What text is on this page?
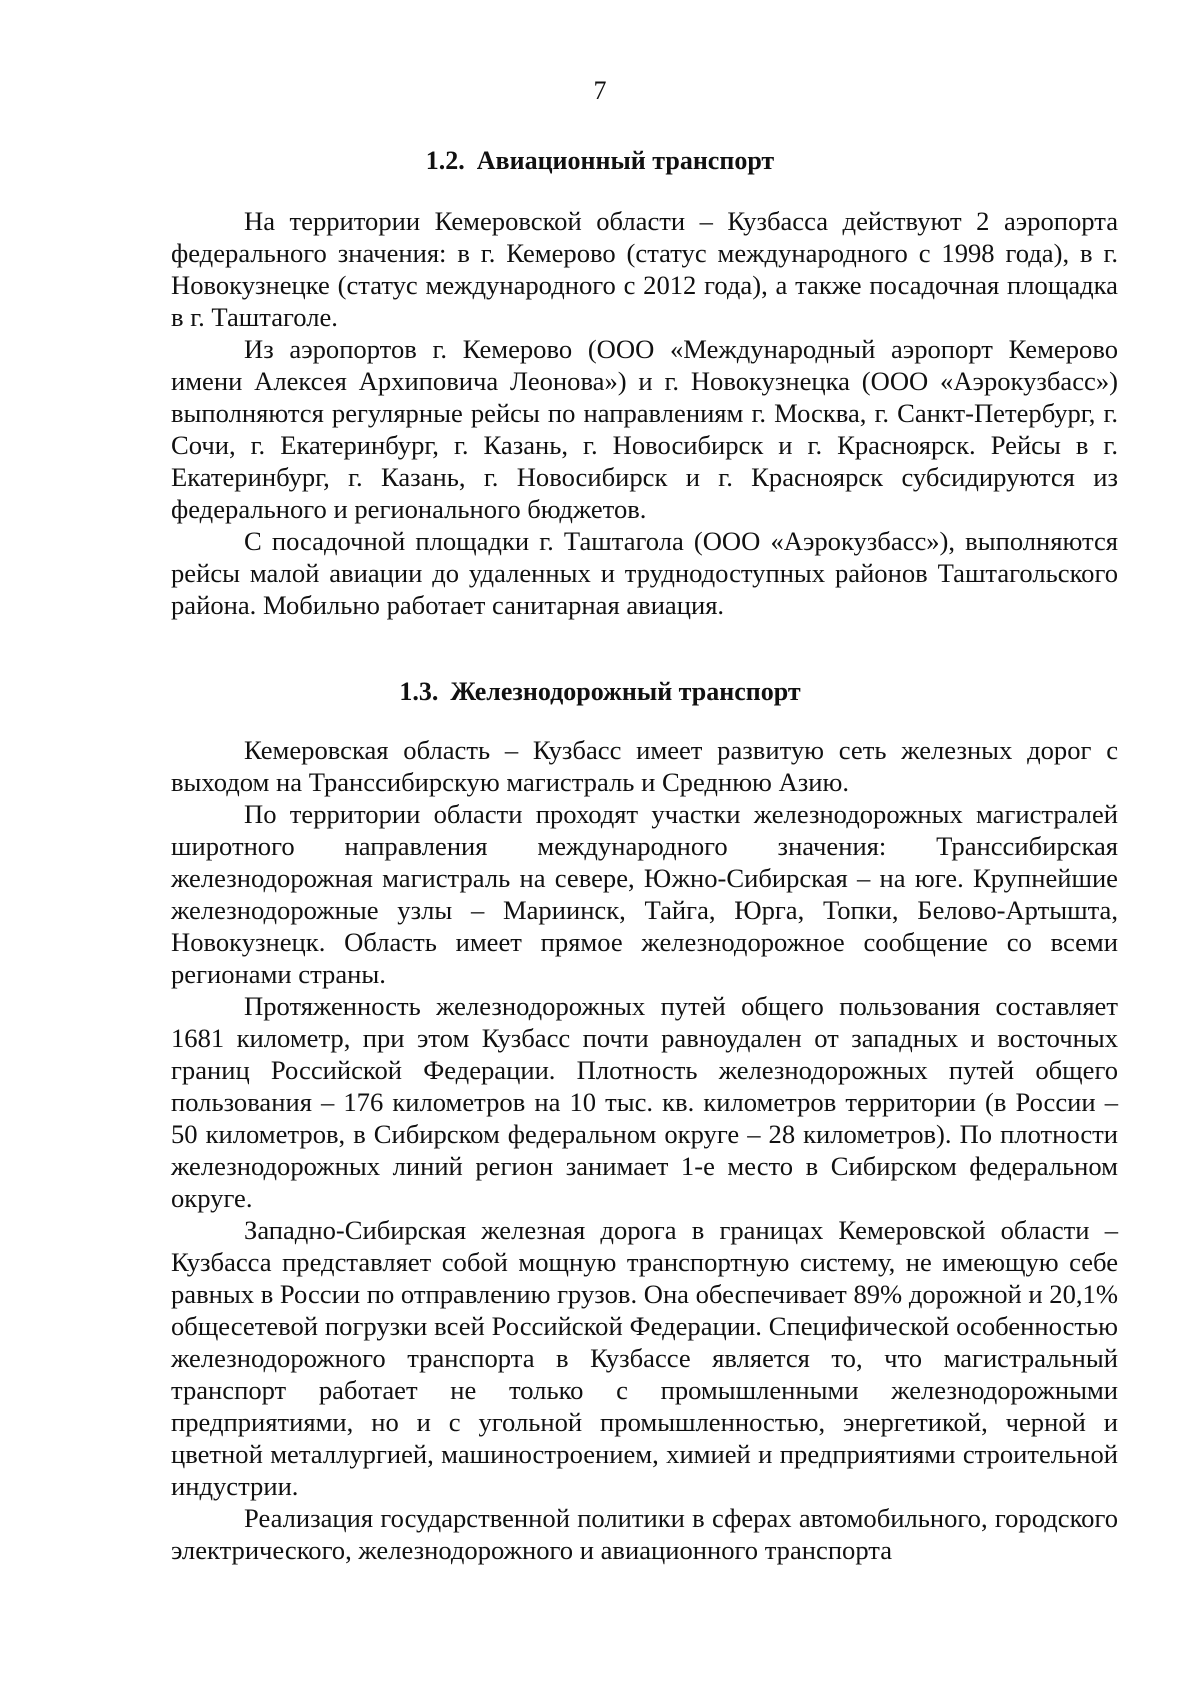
7

1.2. Авиационный транспорт

На территории Кемеровской области – Кузбасса действуют 2 аэропорта федерального значения: в г. Кемерово (статус международного с 1998 года), в г. Новокузнецке (статус международного с 2012 года), а также посадочная площадка в г. Таштаголе.

Из аэропортов г. Кемерово (ООО «Международный аэропорт Кемерово имени Алексея Архиповича Леонова») и г. Новокузнецка (ООО «Аэрокузбасс») выполняются регулярные рейсы по направлениям г. Москва, г. Санкт-Петербург, г. Сочи, г. Екатеринбург, г. Казань, г. Новосибирск и г. Красноярск. Рейсы в г. Екатеринбург, г. Казань, г. Новосибирск и г. Красноярск субсидируются из федерального и регионального бюджетов.

С посадочной площадки г. Таштагола (ООО «Аэрокузбасс»), выполняются рейсы малой авиации до удаленных и труднодоступных районов Таштагольского района. Мобильно работает санитарная авиация.

1.3. Железнодорожный транспорт

Кемеровская область – Кузбасс имеет развитую сеть железных дорог с выходом на Транссибирскую магистраль и Среднюю Азию.

По территории области проходят участки железнодорожных магистралей широтного направления международного значения: Транссибирская железнодорожная магистраль на севере, Южно-Сибирская – на юге. Крупнейшие железнодорожные узлы – Мариинск, Тайга, Юрга, Топки, Белово-Артышта, Новокузнецк. Область имеет прямое железнодорожное сообщение со всеми регионами страны.

Протяженность железнодорожных путей общего пользования составляет 1681 километр, при этом Кузбасс почти равноудален от западных и восточных границ Российской Федерации. Плотность железнодорожных путей общего пользования – 176 километров на 10 тыс. кв. километров территории (в России – 50 километров, в Сибирском федеральном округе – 28 километров). По плотности железнодорожных линий регион занимает 1-е место в Сибирском федеральном округе.

Западно-Сибирская железная дорога в границах Кемеровской области – Кузбасса представляет собой мощную транспортную систему, не имеющую себе равных в России по отправлению грузов. Она обеспечивает 89% дорожной и 20,1% общесетевой погрузки всей Российской Федерации. Специфической особенностью железнодорожного транспорта в Кузбассе является то, что магистральный транспорт работает не только с промышленными железнодорожными предприятиями, но и с угольной промышленностью, энергетикой, черной и цветной металлургией, машиностроением, химией и предприятиями строительной индустрии.

Реализация государственной политики в сферах автомобильного, городского электрического, железнодорожного и авиационного транспорта
